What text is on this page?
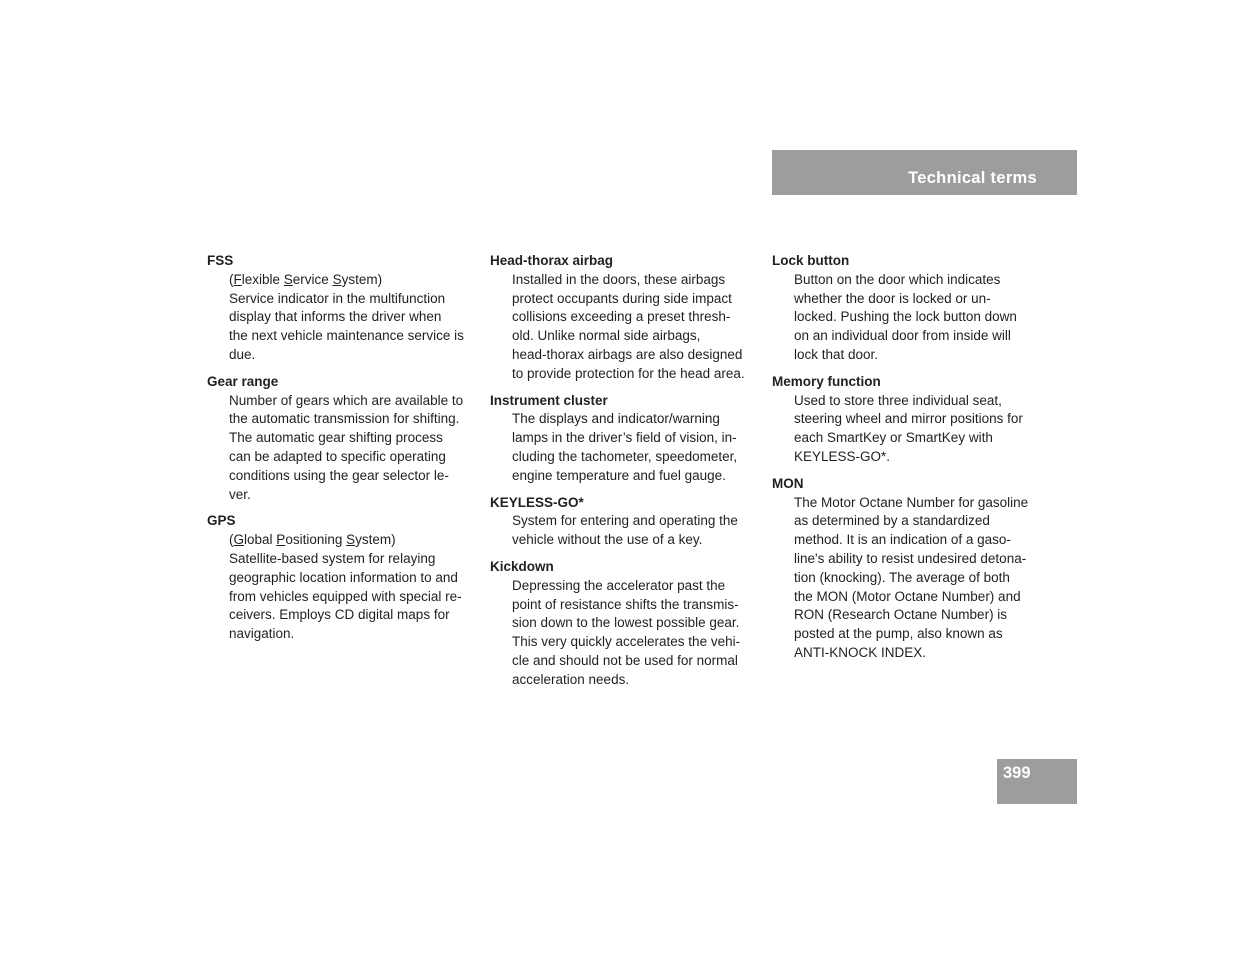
Technical terms
FSS
(Flexible Service System)
Service indicator in the multifunction
display that informs the driver when
the next vehicle maintenance service is
due.
Gear range
Number of gears which are available to
the automatic transmission for shifting.
The automatic gear shifting process
can be adapted to specific operating
conditions using the gear selector le-
ver.
GPS
(Global Positioning System)
Satellite-based system for relaying
geographic location information to and
from vehicles equipped with special re-
ceivers. Employs CD digital maps for
navigation.
Head-thorax airbag
Installed in the doors, these airbags
protect occupants during side impact
collisions exceeding a preset thresh-
old. Unlike normal side airbags,
head-thorax airbags are also designed
to provide protection for the head area.
Instrument cluster
The displays and indicator/warning
lamps in the driver’s field of vision, in-
cluding the tachometer, speedometer,
engine temperature and fuel gauge.
KEYLESS-GO*
System for entering and operating the
vehicle without the use of a key.
Kickdown
Depressing the accelerator past the
point of resistance shifts the transmis-
sion down to the lowest possible gear.
This very quickly accelerates the vehi-
cle and should not be used for normal
acceleration needs.
Lock button
Button on the door which indicates
whether the door is locked or un-
locked. Pushing the lock button down
on an individual door from inside will
lock that door.
Memory function
Used to store three individual seat,
steering wheel and mirror positions for
each SmartKey or SmartKey with
KEYLESS-GO*.
MON
The Motor Octane Number for gasoline
as determined by a standardized
method. It is an indication of a gaso-
line's ability to resist undesired detona-
tion (knocking). The average of both
the MON (Motor Octane Number) and
RON (Research Octane Number) is
posted at the pump, also known as
ANTI-KNOCK INDEX.
399
